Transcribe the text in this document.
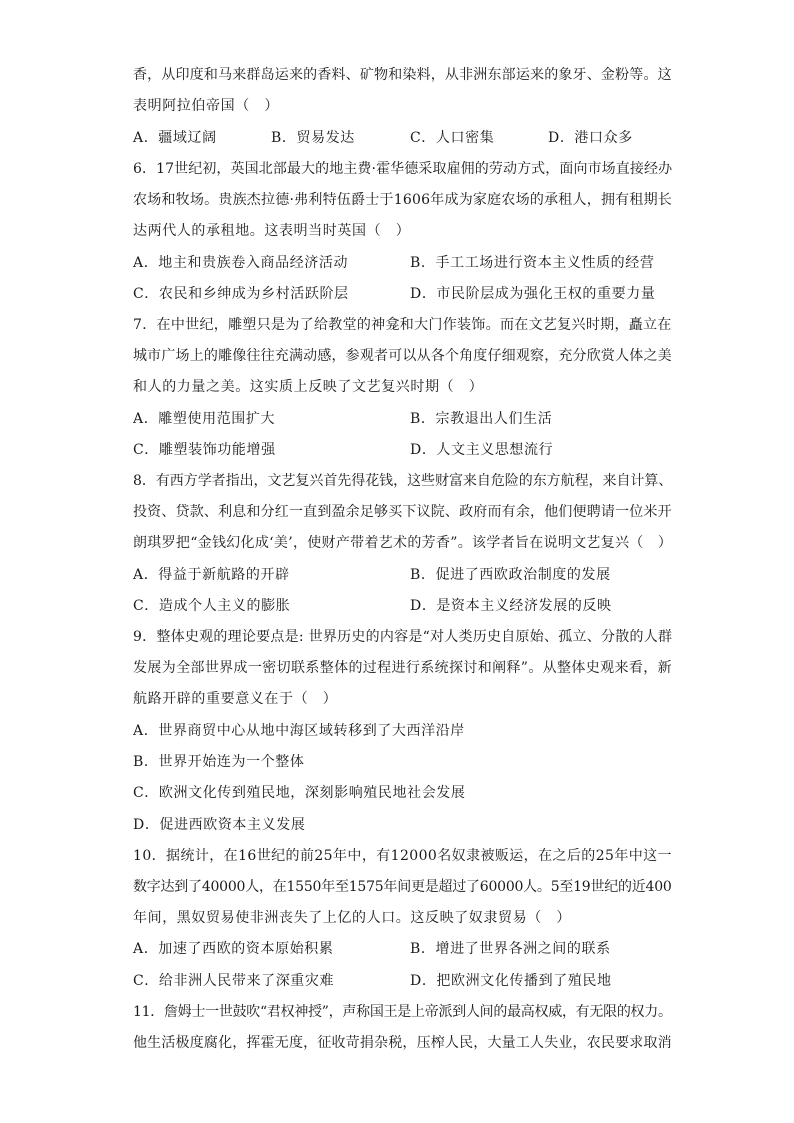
香，从印度和马来群岛运来的香料、矿物和染料，从非洲东部运来的象牙、金粉等。这
表明阿拉伯帝国（　）
A．疆域辽阔	B．贸易发达	C．人口密集	D．港口众多
6．17世纪初，英国北部最大的地主费·霍华德采取雇佣的劳动方式，面向市场直接经办
农场和牧场。贵族杰拉德·弗利特伍爵士于1606年成为家庭农场的承租人，拥有租期长
达两代人的承租地。这表明当时英国（　）
A．地主和贵族卷入商品经济活动	B．手工工场进行资本主义性质的经营
C．农民和乡绅成为乡村活跃阶层	D．市民阶层成为强化王权的重要力量
7．在中世纪，雕塑只是为了给教堂的神龛和大门作装饰。而在文艺复兴时期，矗立在
城市广场上的雕像往往充满动感，参观者可以从各个角度仔细观察，充分欣赏人体之美
和人的力量之美。这实质上反映了文艺复兴时期（　）
A．雕塑使用范围扩大	B．宗教退出人们生活
C．雕塑装饰功能增强	D．人文主义思想流行
8．有西方学者指出，文艺复兴首先得花钱，这些财富来自危险的东方航程，来自计算、
投资、贷款、利息和分红一直到盈余足够买下议院、政府而有余，他们便聘请一位米开
朗琪罗把“金钱幻化成‘美’，使财产带着艺术的芳香”。该学者旨在说明文艺复兴（　）
A．得益于新航路的开辟	B．促进了西欧政治制度的发展
C．造成个人主义的膨胀	D．是资本主义经济发展的反映
9．整体史观的理论要点是: 世界历史的内容是“对人类历史自原始、孤立、分散的人群
发展为全部世界成一密切联系整体的过程进行系统探讨和阐释”。从整体史观来看，新
航路开辟的重要意义在于（　）
A．世界商贸中心从地中海区域转移到了大西洋沿岸
B．世界开始连为一个整体
C．欧洲文化传到殖民地，深刻影响殖民地社会发展
D．促进西欧资本主义发展
10．据统计，在16世纪的前25年中，有12000名奴隶被贩运，在之后的25年中这一
数字达到了40000人，在1550年至1575年间更是超过了60000人。5至19世纪的近400
年间，黑奴贸易使非洲丧失了上亿的人口。这反映了奴隶贸易（　）
A．加速了西欧的资本原始积累	B．增进了世界各洲之间的联系
C．给非洲人民带来了深重灾难	D．把欧洲文化传播到了殖民地
11．詹姆士一世鼓吹“君权神授”，声称国王是上帝派到人间的最高权威，有无限的权力。
他生活极度腐化，挥霍无度，征收苛捐杂税，压榨人民，大量工人失业，农民要求取消
